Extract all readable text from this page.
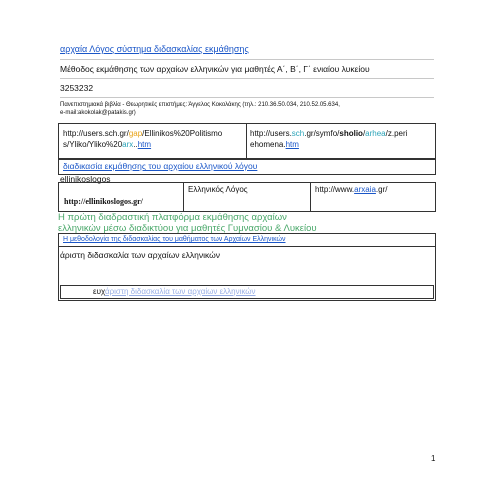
αρχαία Λόγος σύστημα διδασκαλίας εκμάθησης
Μέθοδος εκμάθησης των αρχαίων ελληνικών για μαθητές Α΄, Β΄, Γ΄ ενιαίου λυκείου
3253232
Πανεπιστημιακά βιβλία - Θεωρητικές επιστήμες: Άγγελος Κοκολάκης (τηλ.: 210.36.50.034, 210.52.05.634,
e-mail:akokolak@patakis.gr)
http://users.sch.gr/gap/Ellinikos%20Politismo
s/Yliko/Yliko%20arx..htm
http://users.sch.gr/symfo/sholio/arhea/z.peri
ehomena.htm
διαδικασία εκμάθησης του αρχαίου ελληνικού λόγου
ellinikoslogos
http://ellinikoslogos.gr/
Ελληνικός Λόγος	http://www.arxaia.gr/
Η πρώτη διαδραστική πλατφόρμα εκμάθησης αρχαίων
ελληνικών μέσω διαδικτύου για μαθητές Γυμνασίου & Λυκείου
Η μεθοδολογία της διδασκαλίας του μαθήματος των Αρχαίων Ελληνικών
άριστη διδασκαλία των αρχαίων ελληνικών
ευχάριστη διδασκαλία των αρχαίων ελληνικών
1
